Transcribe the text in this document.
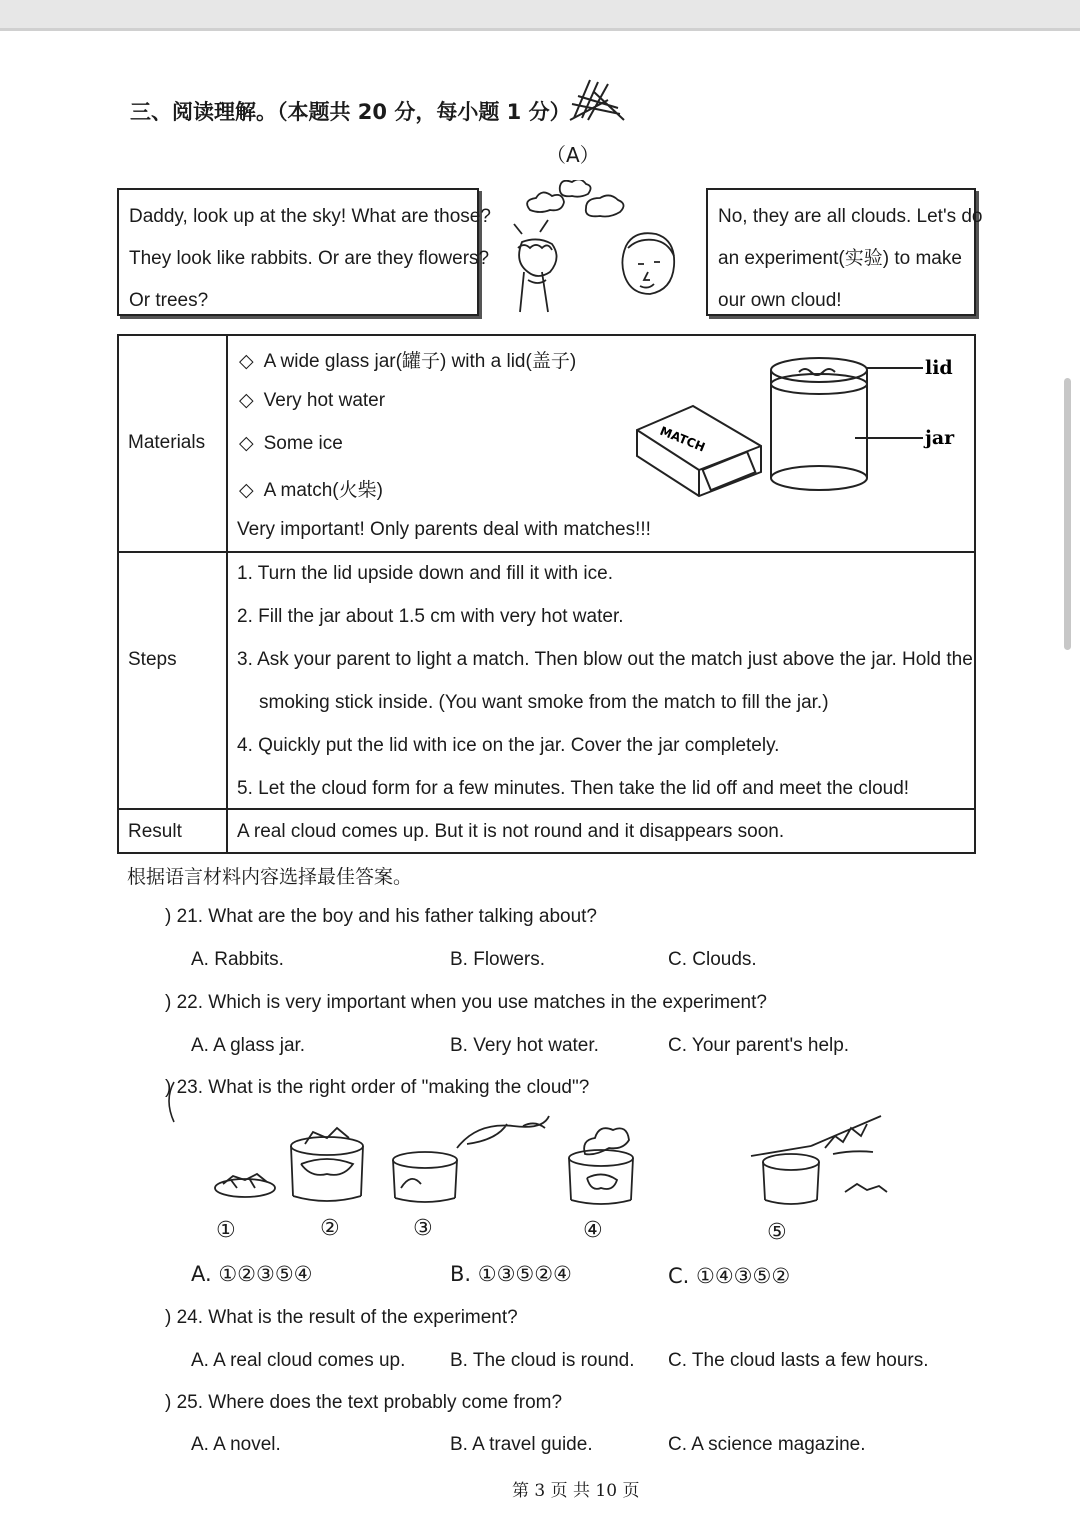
三、阅读理解。（本题共 20 分，每小题 1 分）
（A）
Daddy, look up at the sky! What are those?
They look like rabbits. Or are they flowers?
Or trees?
No, they are all clouds. Let's do
an experiment(实验) to make
our own cloud!
Materials
◇ A wide glass jar(罐子) with a lid(盖子)
◇ Very hot water
◇ Some ice
◇ A match(火柴)
Very important! Only parents deal with matches!!!
MATCH
lid
jar
Steps
1. Turn the lid upside down and fill it with ice.
2. Fill the jar about 1.5 cm with very hot water.
3. Ask your parent to light a match. Then blow out the match just above the jar. Hold the
smoking stick inside. (You want smoke from the match to fill the jar.)
4. Quickly put the lid with ice on the jar. Cover the jar completely.
5. Let the cloud form for a few minutes. Then take the lid off and meet the cloud!
Result	A real cloud comes up. But it is not round and it disappears soon.
根据语言材料内容选择最佳答案。
) 21. What are the boy and his father talking about?
A. Rabbits.	B. Flowers.	C. Clouds.
) 22. Which is very important when you use matches in the experiment?
A. A glass jar.	B. Very hot water.	C. Your parent's help.
) 23. What is the right order of "making the cloud"?
①	②	③	④	⑤
A. ①②③⑤④	B. ①③⑤②④	C. ①④③⑤②
) 24. What is the result of the experiment?
A. A real cloud comes up. B. The cloud is round. C. The cloud lasts a few hours.
) 25. Where does the text probably come from?
A. A novel.	B. A travel guide.	C. A science magazine.
第 3 页 共 10 页
